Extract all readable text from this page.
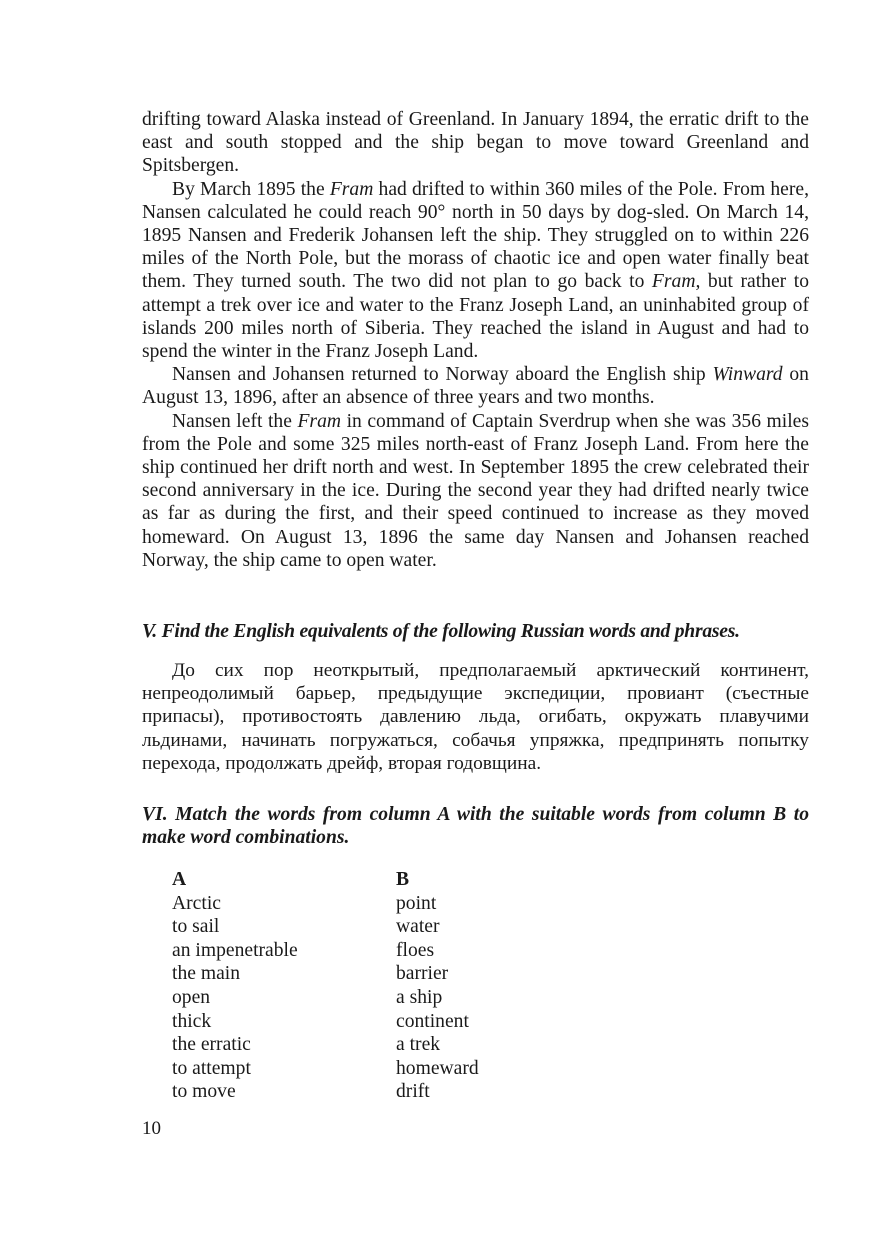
drifting toward Alaska instead of Greenland. In January 1894, the erratic drift to the east and south stopped and the ship began to move toward Greenland and Spitsbergen.

By March 1895 the Fram had drifted to within 360 miles of the Pole. From here, Nansen calculated he could reach 90° north in 50 days by dog-sled. On March 14, 1895 Nansen and Frederik Johansen left the ship. They struggled on to within 226 miles of the North Pole, but the morass of chaotic ice and open water finally beat them. They turned south. The two did not plan to go back to Fram, but rather to attempt a trek over ice and water to the Franz Joseph Land, an uninhabited group of islands 200 miles north of Siberia. They reached the island in August and had to spend the winter in the Franz Joseph Land.

Nansen and Johansen returned to Norway aboard the English ship Winward on August 13, 1896, after an absence of three years and two months.

Nansen left the Fram in command of Captain Sverdrup when she was 356 miles from the Pole and some 325 miles north-east of Franz Joseph Land. From here the ship continued her drift north and west. In September 1895 the crew celebrated their second anniversary in the ice. During the second year they had drifted nearly twice as far as during the first, and their speed continued to increase as they moved homeward. On August 13, 1896 the same day Nansen and Johansen reached Norway, the ship came to open water.

V. Find the English equivalents of the following Russian words and phrases.

До сих пор неоткрытый, предполагаемый арктический континент, непреодолимый барьер, предыдущие экспедиции, провиант (съестные припасы), противостоять давлению льда, огибать, окружать плавучими льдинами, начинать погружаться, собачья упряжка, предпринять попытку перехода, продолжать дрейф, вторая годовщина.

VI. Match the words from column A with the suitable words from column B to make word combinations.
A	B
Arctic	point
to sail	water
an impenetrable	floes
the main	barrier
open	a ship
thick	continent
the erratic	a trek
to attempt	homeward
to move	drift
10
